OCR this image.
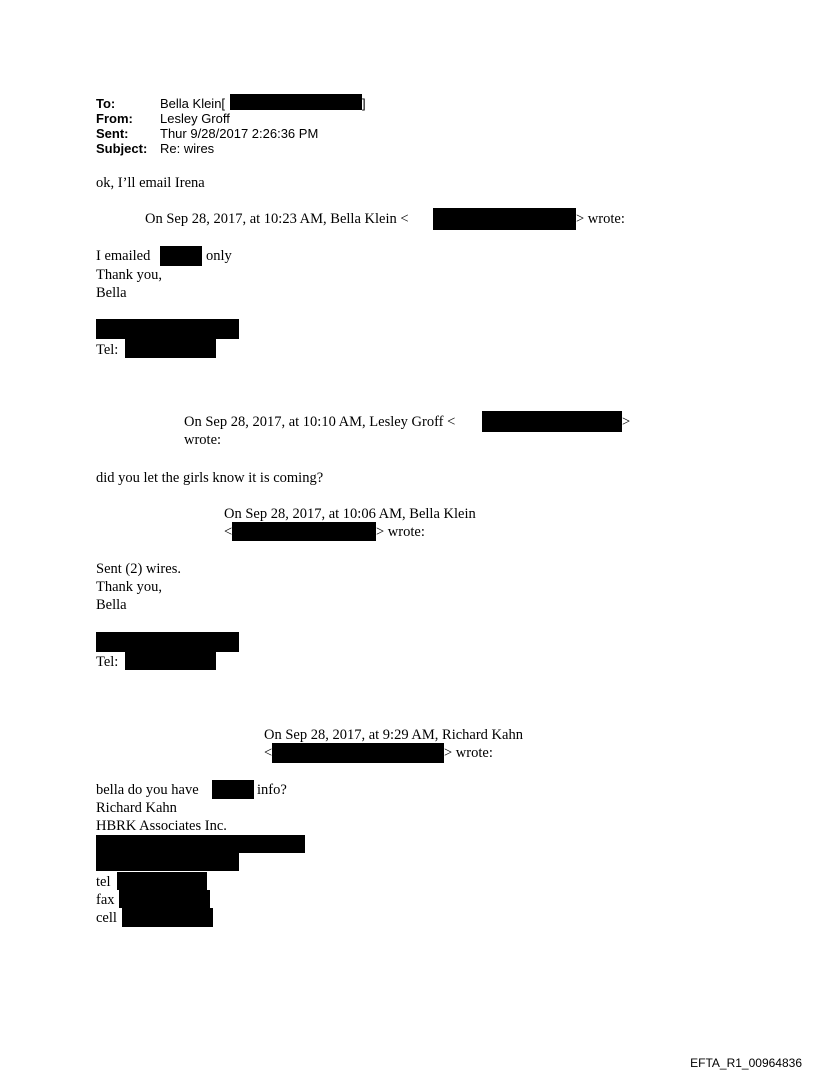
To:	Bella Klein[	]
From: Lesley Groff
Sent: Thur 9/28/2017 2:26:36 PM
Subject: Re: wires
ok, I’ll email Irena
On Sep 28, 2017, at 10:23 AM, Bella Klein <	> wrote:
I emailed	only
Thank you,
Bella
Tel:
On Sep 28, 2017, at 10:10 AM, Lesley Groff <	>
wrote:
did you let the girls know it is coming?
On Sep 28, 2017, at 10:06 AM, Bella Klein
<	> wrote:
Sent (2) wires.
Thank you,
Bella
Tel:
On Sep 28, 2017, at 9:29 AM, Richard Kahn
<	> wrote:
bella do you have	info?
Richard Kahn
HBRK Associates Inc.
tel
fax
cell
EFTA_R1_00964836
